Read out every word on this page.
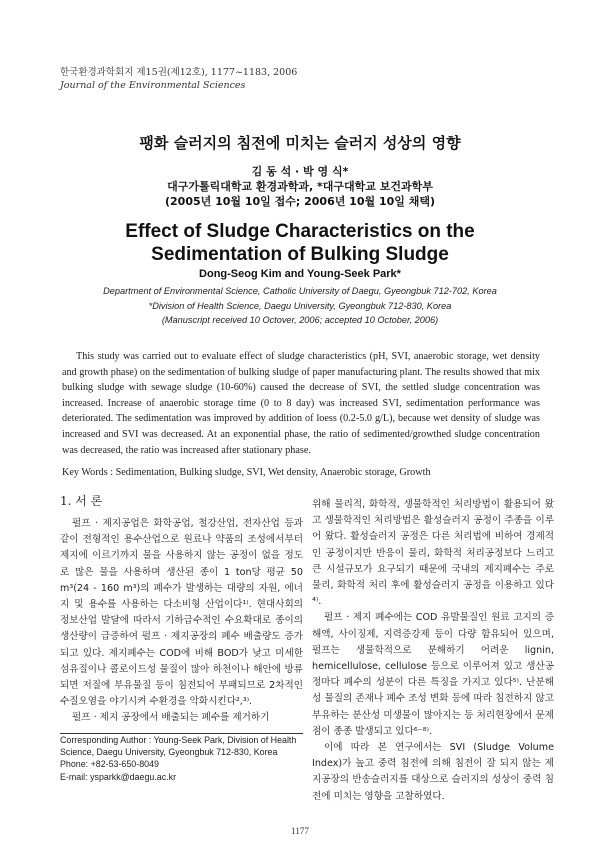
한국환경과학회지 제15권(제12호), 1177~1183, 2006
Journal of the Environmental Sciences
팽화 슬러지의 침전에 미치는 슬러지 성상의 영향
김 동 석 · 박 영 식*
대구가톨릭대학교 환경과학과, *대구대학교 보건과학부
(2005년 10월 10일 접수; 2006년 10월 10일 채택)
Effect of Sludge Characteristics on the
Sedimentation of Bulking Sludge
Dong-Seog Kim and Young-Seek Park*
Department of Environmental Science, Catholic University of Daegu, Gyeongbuk 712-702, Korea
*Division of Health Science, Daegu University, Gyeongbuk 712-830, Korea
(Manuscript received 10 Octover, 2006; accepted 10 October, 2006)

This study was carried out to evaluate effect of sludge characteristics (pH, SVI, anaerobic storage, wet density and growth phase) on the sedimentation of bulking sludge of paper manufacturing plant. The results showed that mix bulking sludge with sewage sludge (10-60%) caused the decrease of SVI, the settled sludge concentration was increased. Increase of anaerobic storage time (0 to 8 day) was increased SVI, sedimentation performance was deteriorated. The sedimentation was improved by addition of loess (0.2-5.0 g/L), because wet density of sludge was increased and SVI was decreased. At an exponential phase, the ratio of sedimented/growthed sludge concentration was decreased, the ratio was increased after stationary phase.

Key Words : Sedimentation, Bulking sludge, SVI, Wet density, Anaerobic storage, Growth

1. 서 론

펄프 · 제지공업은 화학공업, 철강산업, 전자산업 등과 같이 전형적인 용수산업으로 원료나 약품의 조성에서부터 제지에 이르기까지 물을 사용하지 않는 공정이 없을 정도로 많은 물을 사용하며 생산된 종이 1 ton당 평균 50 m³(24 - 160 m³)의 폐수가 발생하는 대량의 자원, 에너지 및 용수를 사용하는 다소비형 산업이다¹⁾. 현대사회의 정보산업 발달에 따라서 기하급수적인 수요확대로 종이의 생산량이 급증하여 펄프 · 제지공장의 폐수 배출량도 증가되고 있다. 제지폐수는 COD에 비해 BOD가 낮고 미세한 섬유질이나 콜로이드성 물질이 많아 하천이나 해안에 방류되면 저질에 부유물질 등이 침전되어 부패되므로 2차적인 수질오염을 야기시켜 수환경을 악화시킨다²,³⁾.

펄프 · 제지 공장에서 배출되는 폐수를 제거하기

Corresponding Author : Young-Seek Park, Division of Health Science, Daegu University, Gyeongbuk 712-830, Korea
Phone: +82-53-650-8049
E-mail: ysparkk@daegu.ac.kr

위해 물리적, 화학적, 생물학적인 처리방법이 활용되어 왔고 생물학적인 처리방법은 활성슬러지 공정이 주종을 이루어 왔다. 활성슬러지 공정은 다른 처리법에 비하여 경제적인 공정이지만 반응이 물리, 화학적 처리공정보다 느리고 큰 시설규모가 요구되기 때문에 국내의 제지폐수는 주로 물리, 화학적 처리 후에 활성슬러지 공정을 이용하고 있다⁴⁾.

펄프 · 제지 폐수에는 COD 유발물질인 원료 고지의 증해액, 사이징제, 지력증강제 등이 다량 함유되어 있으며, 펄프는 생물학적으로 분해하기 어려운 lignin, hemicellulose, cellulose 등으로 이루어져 있고 생산공정마다 폐수의 성분이 다른 특징을 가지고 있다⁵⁾. 난분해성 물질의 존재나 폐수 조성 변화 등에 따라 침전하지 않고 부유하는 분산성 미생물이 많아지는 등 처리현장에서 문제점이 종종 발생되고 있다⁶⁻⁸⁾.

이에 따라 본 연구에서는 SVI (Sludge Volume Index)가 높고 중력 침전에 의해 침전이 잘 되지 않는 제지공장의 반송슬러지를 대상으로 슬러지의 성상이 중력 침전에 미치는 영향을 고찰하였다.

1177
